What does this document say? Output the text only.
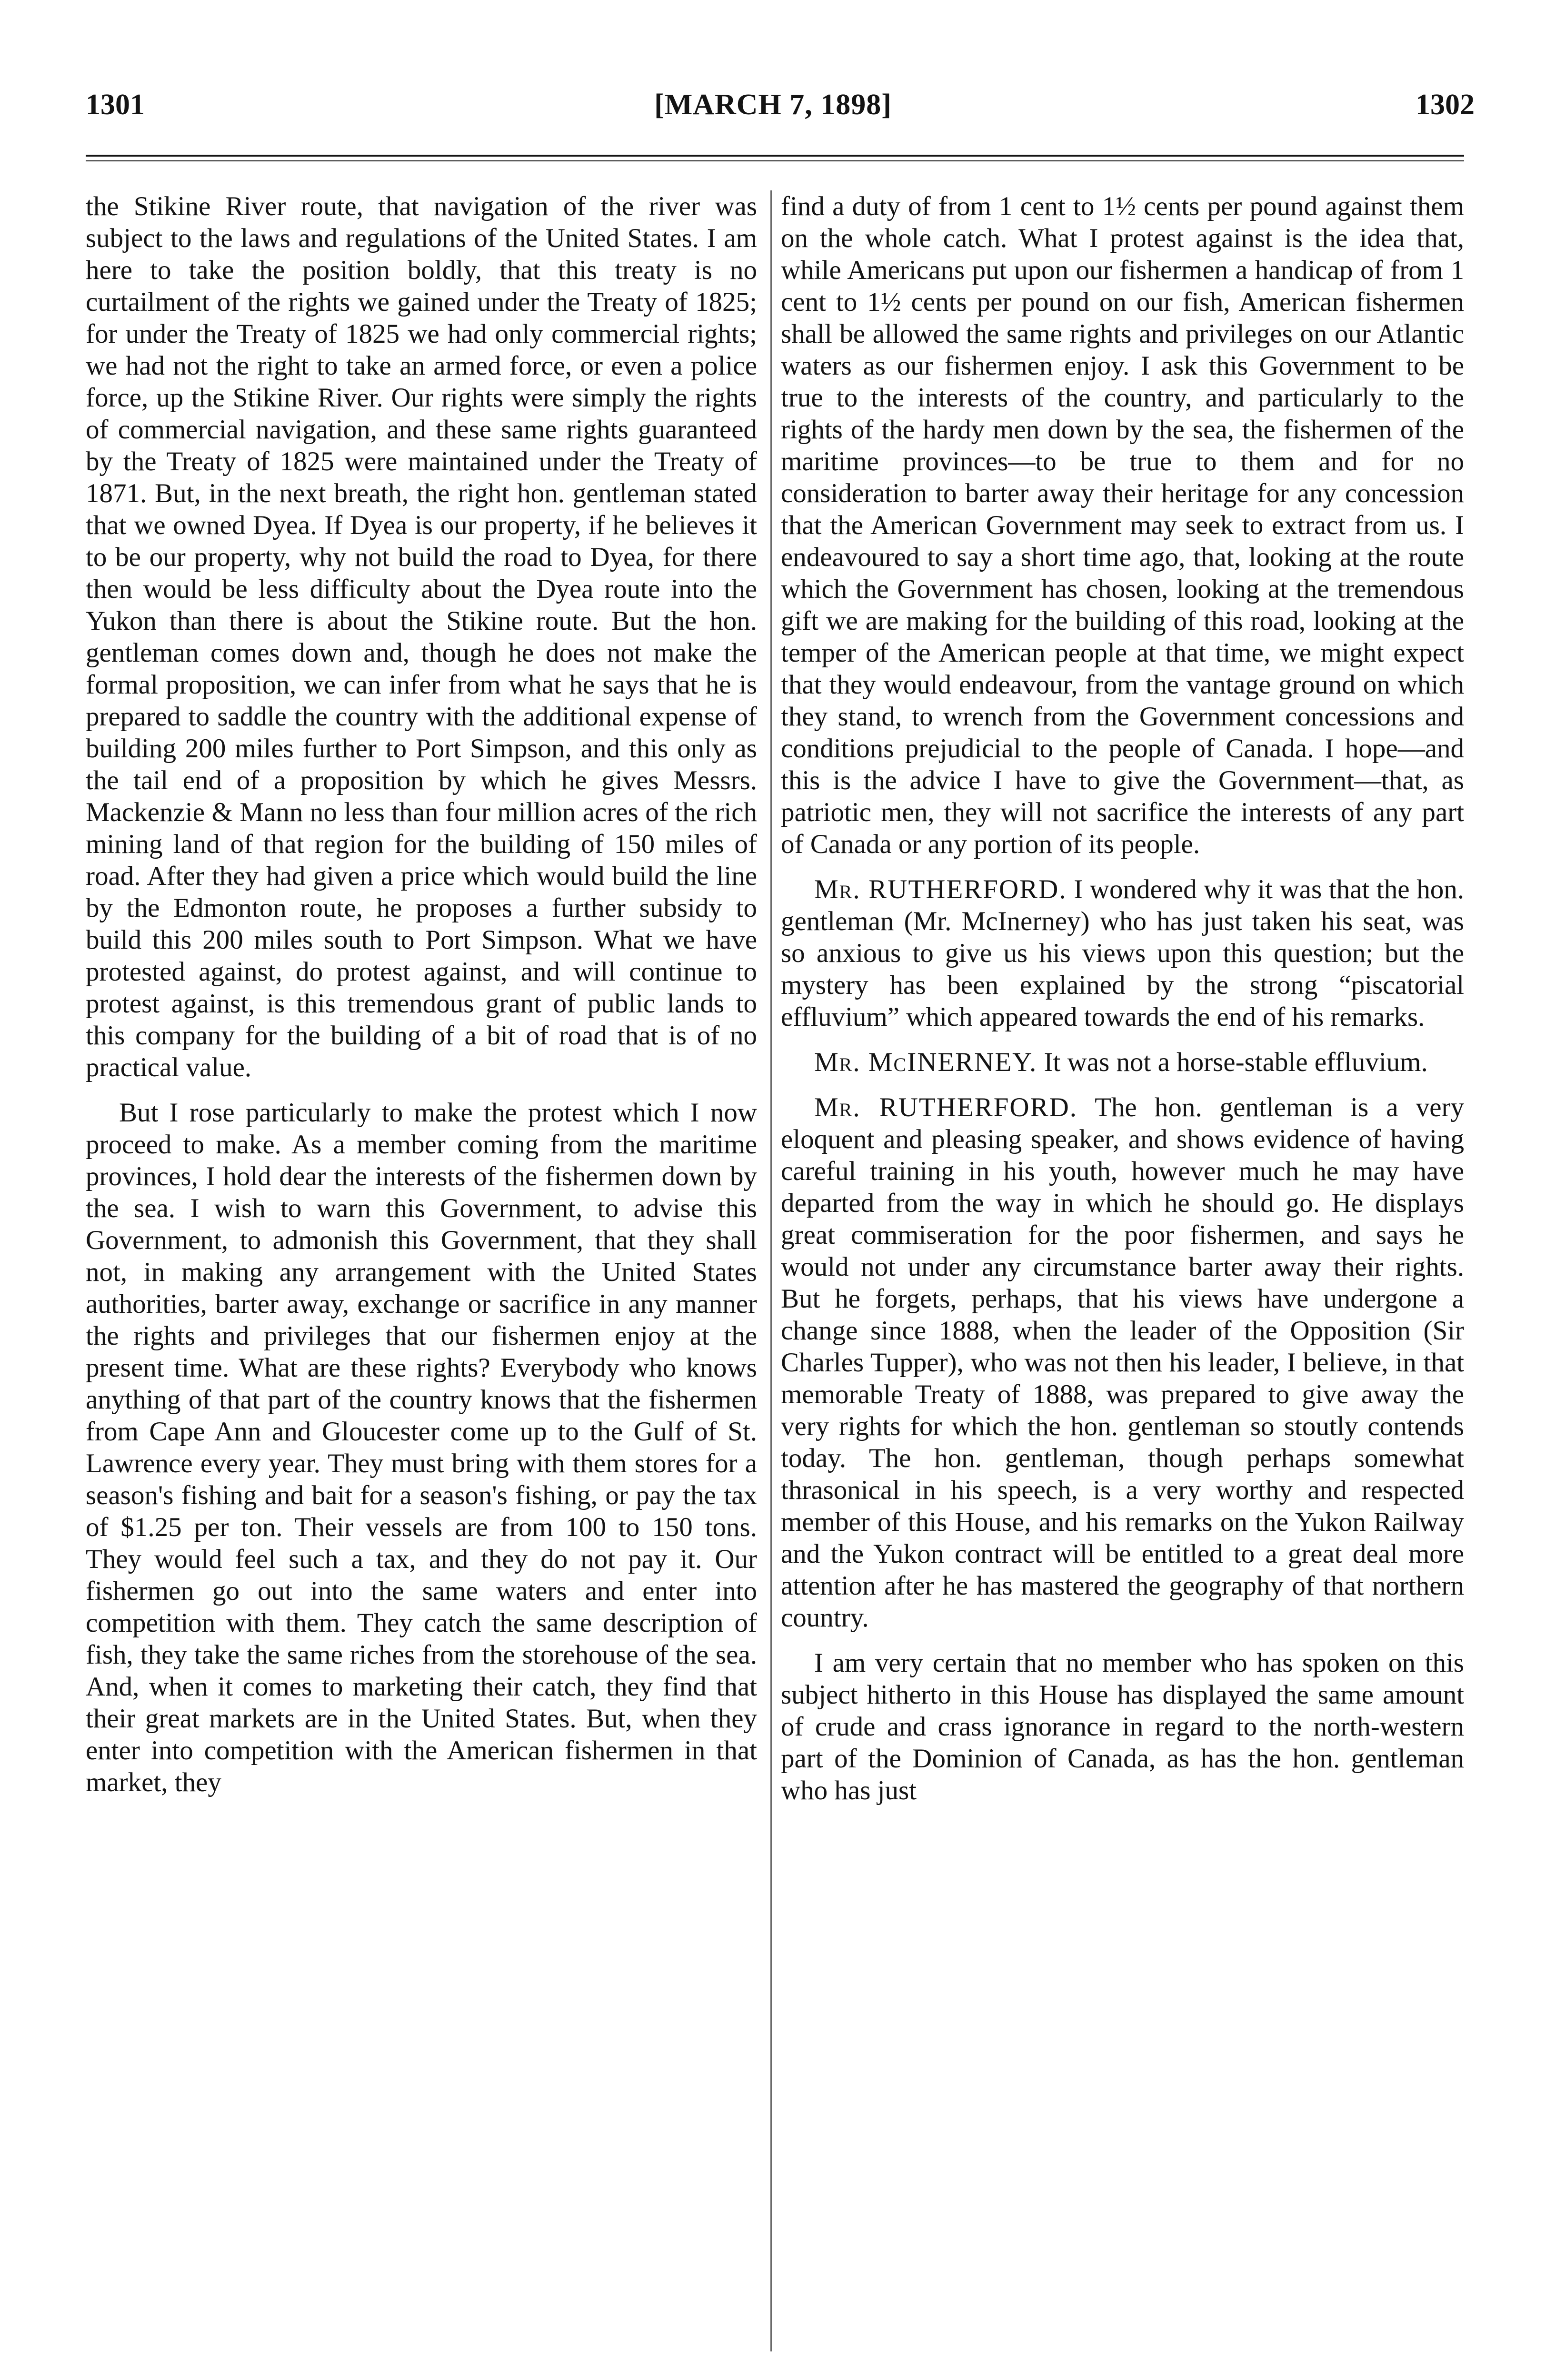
1301	[MARCH 7, 1898]	1302

the Stikine River route, that navigation of the river was subject to the laws and regulations of the United States. I am here to take the position boldly, that this treaty is no curtailment of the rights we gained under the Treaty of 1825; for under the Treaty of 1825 we had only commercial rights; we had not the right to take an armed force, or even a police force, up the Stikine River. Our rights were simply the rights of commercial navigation, and these same rights guaranteed by the Treaty of 1825 were maintained under the Treaty of 1871. But, in the next breath, the right hon. gentleman stated that we owned Dyea. If Dyea is our property, if he believes it to be our property, why not build the road to Dyea, for there then would be less difficulty about the Dyea route into the Yukon than there is about the Stikine route. But the hon. gentleman comes down and, though he does not make the formal proposition, we can infer from what he says that he is prepared to saddle the country with the additional expense of building 200 miles further to Port Simpson, and this only as the tail end of a proposition by which he gives Messrs. Mackenzie & Mann no less than four million acres of the rich mining land of that region for the building of 150 miles of road. After they had given a price which would build the line by the Edmonton route, he proposes a further subsidy to build this 200 miles south to Port Simpson. What we have protested against, do protest against, and will continue to protest against, is this tremendous grant of public lands to this company for the building of a bit of road that is of no practical value.

But I rose particularly to make the protest which I now proceed to make. As a member coming from the maritime provinces, I hold dear the interests of the fishermen down by the sea. I wish to warn this Government, to advise this Government, to admonish this Government, that they shall not, in making any arrangement with the United States authorities, barter away, exchange or sacrifice in any manner the rights and privileges that our fishermen enjoy at the present time. What are these rights? Everybody who knows anything of that part of the country knows that the fishermen from Cape Ann and Gloucester come up to the Gulf of St. Lawrence every year. They must bring with them stores for a season's fishing and bait for a season's fishing, or pay the tax of $1.25 per ton. Their vessels are from 100 to 150 tons. They would feel such a tax, and they do not pay it. Our fishermen go out into the same waters and enter into competition with them. They catch the same description of fish, they take the same riches from the storehouse of the sea. And, when it comes to marketing their catch, they find that their great markets are in the United States. But, when they enter into competition with the American fishermen in that market, they

find a duty of from 1 cent to 1½ cents per pound against them on the whole catch. What I protest against is the idea that, while Americans put upon our fishermen a handicap of from 1 cent to 1½ cents per pound on our fish, American fishermen shall be allowed the same rights and privileges on our Atlantic waters as our fishermen enjoy. I ask this Government to be true to the interests of the country, and particularly to the rights of the hardy men down by the sea, the fishermen of the maritime provinces—to be true to them and for no consideration to barter away their heritage for any concession that the American Government may seek to extract from us. I endeavoured to say a short time ago, that, looking at the route which the Government has chosen, looking at the tremendous gift we are making for the building of this road, looking at the temper of the American people at that time, we might expect that they would endeavour, from the vantage ground on which they stand, to wrench from the Government concessions and conditions prejudicial to the people of Canada. I hope—and this is the advice I have to give the Government—that, as patriotic men, they will not sacrifice the interests of any part of Canada or any portion of its people.

Mr. RUTHERFORD. I wondered why it was that the hon. gentleman (Mr. McInerney) who has just taken his seat, was so anxious to give us his views upon this question; but the mystery has been explained by the strong “piscatorial effluvium” which appeared towards the end of his remarks.

Mr. McINERNEY. It was not a horse-stable effluvium.

Mr. RUTHERFORD. The hon. gentleman is a very eloquent and pleasing speaker, and shows evidence of having careful training in his youth, however much he may have departed from the way in which he should go. He displays great commiseration for the poor fishermen, and says he would not under any circumstance barter away their rights. But he forgets, perhaps, that his views have undergone a change since 1888, when the leader of the Opposition (Sir Charles Tupper), who was not then his leader, I believe, in that memorable Treaty of 1888, was prepared to give away the very rights for which the hon. gentleman so stoutly contends today. The hon. gentleman, though perhaps somewhat thrasonical in his speech, is a very worthy and respected member of this House, and his remarks on the Yukon Railway and the Yukon contract will be entitled to a great deal more attention after he has mastered the geography of that northern country.

I am very certain that no member who has spoken on this subject hitherto in this House has displayed the same amount of crude and crass ignorance in regard to the north-western part of the Dominion of Canada, as has the hon. gentleman who has just
